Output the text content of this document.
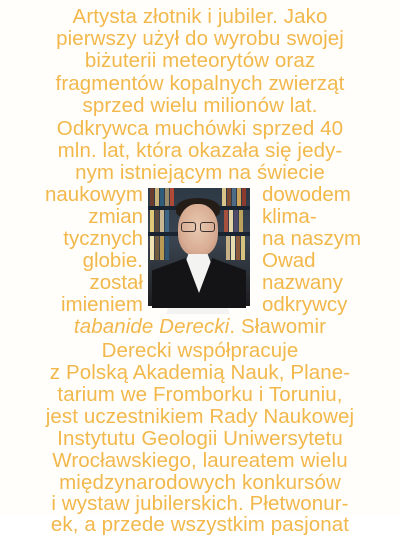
Artysta złotnik i jubiler. Jako
pierwszy użył do wyrobu swojej
biżuterii meteorytów oraz
fragmentów kopalnych zwierząt
sprzed wielu milionów lat.
Odkrywca muchówki sprzed 40
mln. lat, która okazała się jedy-
nym istniejącym na świecie
naukowym	dowodem
zmian	klima-
tycznych	na naszym
globie.	Owad
został	nazwany
imieniem	odkrywcy
tabanide Derecki. Sławomir
Derecki współpracuje
z Polską Akademią Nauk, Plane-
tarium we Fromborku i Toruniu,
jest uczestnikiem Rady Naukowej
Instytutu Geologii Uniwersytetu
Wrocławskiego, laureatem wielu
międzynarodowych konkursów
i wystaw jubilerskich. Płetwonur-
ek, a przede wszystkim pasjonat
